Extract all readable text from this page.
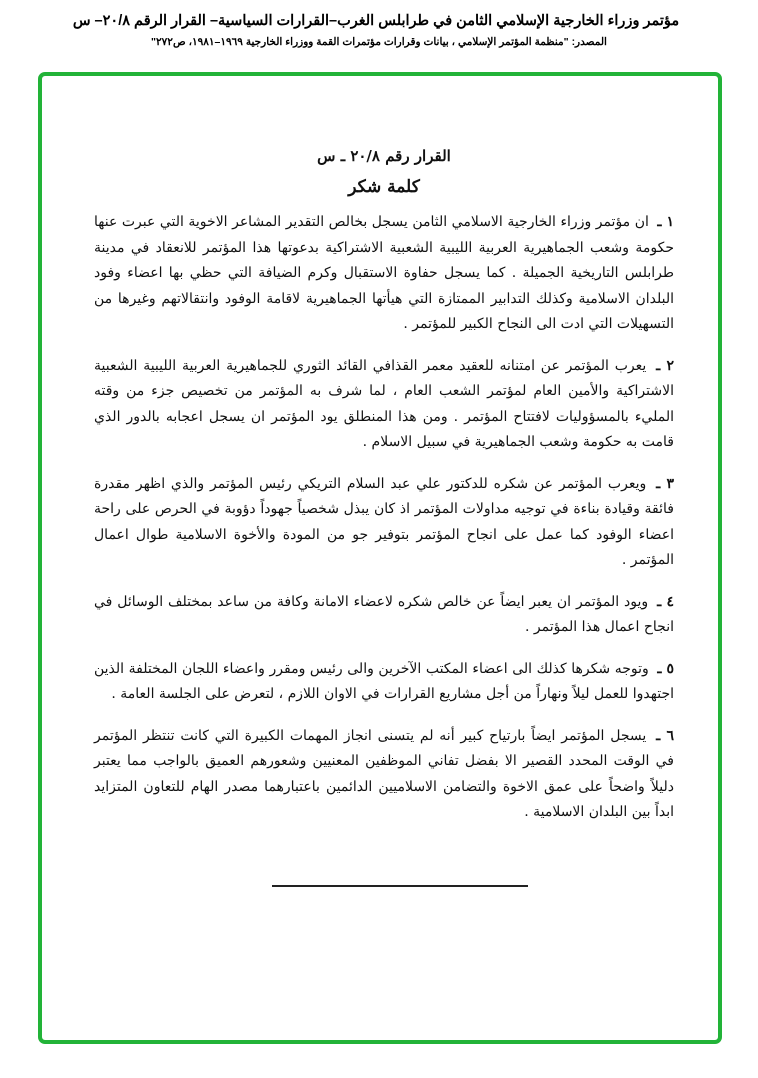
مؤتمر وزراء الخارجية الإسلامي الثامن في طرابلس الغرب–القرارات السياسية– القرار الرقم ٢٠/٨– س
المصدر: "منظمة المؤتمر الإسلامي ، بيانات وقرارات مؤتمرات القمة ووزراء الخارجية ١٩٦٩–١٩٨١، ص٢٧٢"

القرار رقم ٢٠/٨ ـ س

كلمة شكر

١ ـ ان مؤتمر وزراء الخارجية الاسلامي الثامن يسجل بخالص التقدير المشاعر الاخوية التي عبرت عنها حكومة وشعب الجماهيرية العربية الليبية الشعبية الاشتراكية بدعوتها هذا المؤتمر للانعقاد في مدينة طرابلس التاريخية الجميلة . كما يسجل حفاوة الاستقبال وكرم الضيافة التي حظي بها اعضاء وفود البلدان الاسلامية وكذلك التدابير الممتازة التي هيأتها الجماهيرية لاقامة الوفود وانتقالاتهم وغيرها من التسهيلات التي ادت الى النجاح الكبير للمؤتمر .

٢ ـ يعرب المؤتمر عن امتنانه للعقيد معمر القذافي القائد الثوري للجماهيرية العربية الليبية الشعبية الاشتراكية والأمين العام لمؤتمر الشعب العام ، لما شرف به المؤتمر من تخصيص جزء من وقته المليء بالمسؤوليات لافتتاح المؤتمر . ومن هذا المنطلق يود المؤتمر ان يسجل اعجابه بالدور الذي قامت به حكومة وشعب الجماهيرية في سبيل الاسلام .

٣ ـ ويعرب المؤتمر عن شكره للدكتور علي عبد السلام التريكي رئيس المؤتمر والذي اظهر مقدرة فائقة وقيادة بناءة في توجيه مداولات المؤتمر اذ كان يبذل شخصياً جهوداً دؤوبة في الحرص على راحة اعضاء الوفود كما عمل على انجاح المؤتمر بتوفير جو من المودة والأخوة الاسلامية طوال اعمال المؤتمر .

٤ ـ ويود المؤتمر ان يعبر ايضاً عن خالص شكره لاعضاء الامانة وكافة من ساعد بمختلف الوسائل في انجاح اعمال هذا المؤتمر .

٥ ـ وتوجه شكرها كذلك الى اعضاء المكتب الآخرين والى رئيس ومقرر واعضاء اللجان المختلفة الذين اجتهدوا للعمل ليلاً ونهاراً من أجل مشاريع القرارات في الاوان اللازم ، لتعرض على الجلسة العامة .

٦ ـ يسجل المؤتمر ايضاً بارتياح كبير أنه لم يتسنى انجاز المهمات الكبيرة التي كانت تنتظر المؤتمر في الوقت المحدد القصير الا بفضل تفاني الموظفين المعنيين وشعورهم العميق بالواجب مما يعتبر دليلاً واضحاً على عمق الاخوة والتضامن الاسلاميين الدائمين باعتبارهما مصدر الهام للتعاون المتزايد ابداً بين البلدان الاسلامية .
